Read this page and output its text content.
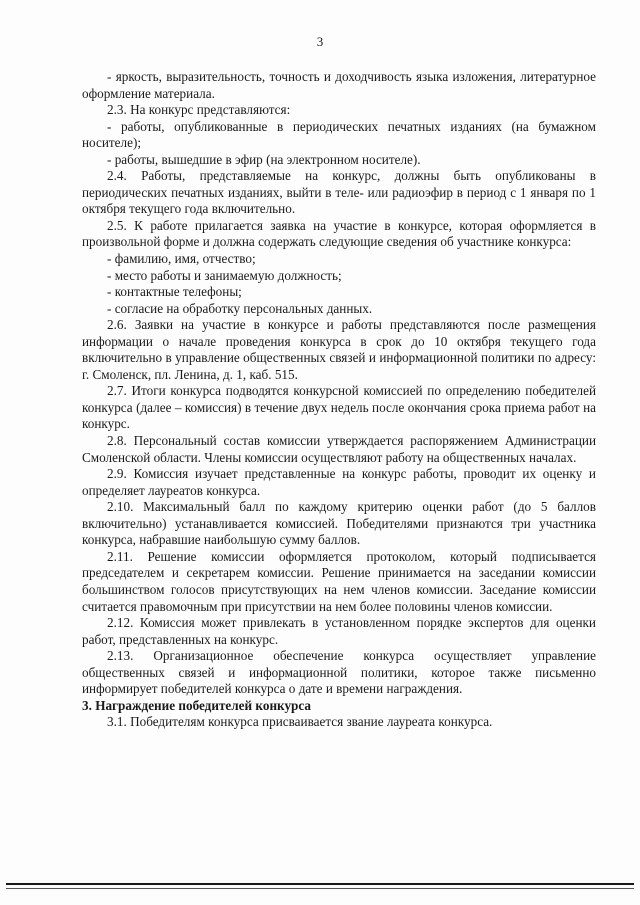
3

- яркость, выразительность, точность и доходчивость языка изложения, литературное оформление материала.

2.3. На конкурс представляются:

- работы, опубликованные в периодических печатных изданиях (на бумажном носителе);

- работы, вышедшие в эфир (на электронном носителе).

2.4. Работы, представляемые на конкурс, должны быть опубликованы в периодических печатных изданиях, выйти в теле- или радиоэфир в период с 1 января по 1 октября текущего года включительно.

2.5. К работе прилагается заявка на участие в конкурсе, которая оформляется в произвольной форме и должна содержать следующие сведения об участнике конкурса:

- фамилию, имя, отчество;

- место работы и занимаемую должность;

- контактные телефоны;

- согласие на обработку персональных данных.

2.6. Заявки на участие в конкурсе и работы представляются после размещения информации о начале проведения конкурса в срок до 10 октября текущего года включительно в управление общественных связей и информационной политики по адресу: г. Смоленск, пл. Ленина, д. 1, каб. 515.

2.7. Итоги конкурса подводятся конкурсной комиссией по определению победителей конкурса (далее – комиссия) в течение двух недель после окончания срока приема работ на конкурс.

2.8. Персональный состав комиссии утверждается распоряжением Администрации Смоленской области. Члены комиссии осуществляют работу на общественных началах.

2.9. Комиссия изучает представленные на конкурс работы, проводит их оценку и определяет лауреатов конкурса.

2.10. Максимальный балл по каждому критерию оценки работ (до 5 баллов включительно) устанавливается комиссией. Победителями признаются три участника конкурса, набравшие наибольшую сумму баллов.

2.11. Решение комиссии оформляется протоколом, который подписывается председателем и секретарем комиссии. Решение принимается на заседании комиссии большинством голосов присутствующих на нем членов комиссии. Заседание комиссии считается правомочным при присутствии на нем более половины членов комиссии.

2.12. Комиссия может привлекать в установленном порядке экспертов для оценки работ, представленных на конкурс.

2.13. Организационное обеспечение конкурса осуществляет управление общественных связей и информационной политики, которое также письменно информирует победителей конкурса о дате и времени награждения.

3. Награждение победителей конкурса

3.1. Победителям конкурса присваивается звание лауреата конкурса.
